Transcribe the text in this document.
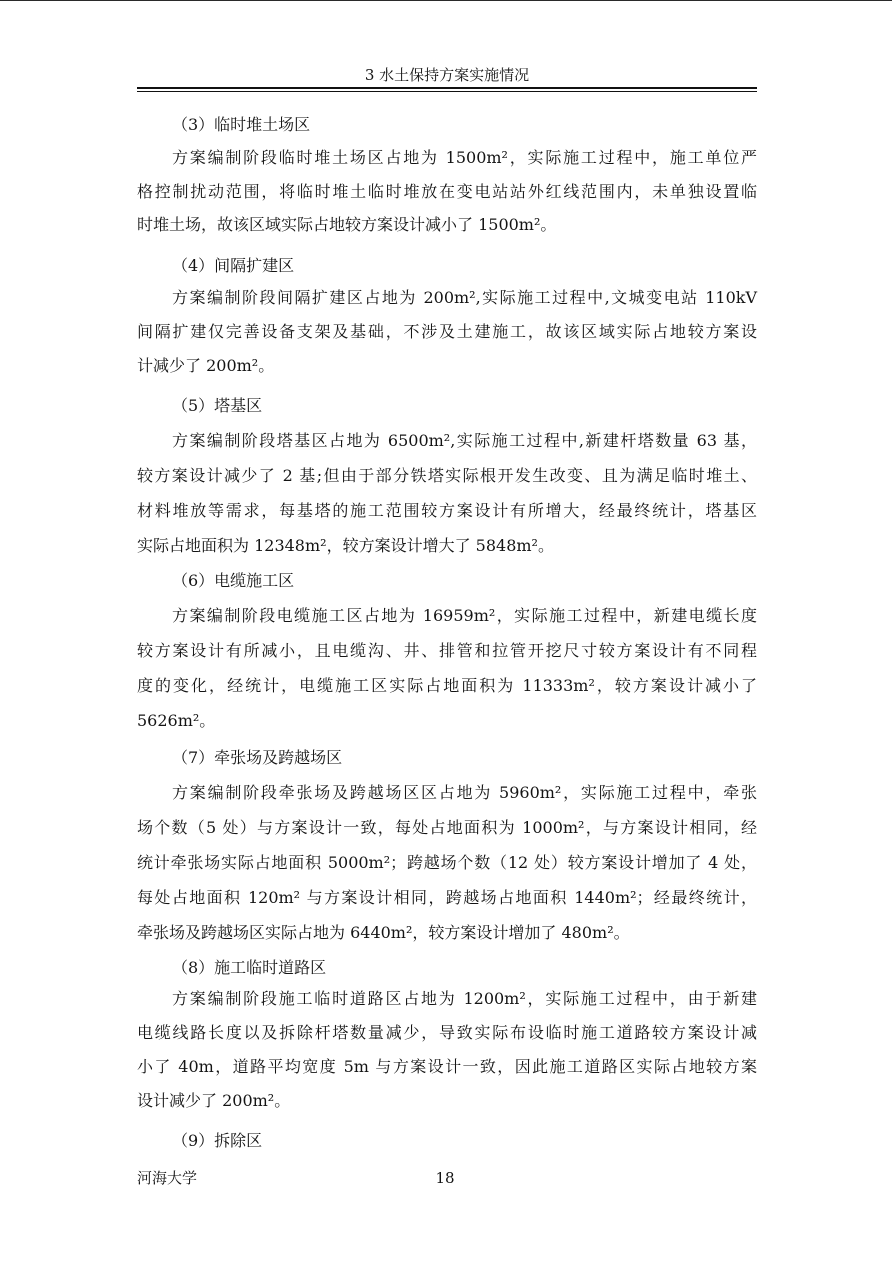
3 水土保持方案实施情况
（3）临时堆土场区
方案编制阶段临时堆土场区占地为 1500m²，实际施工过程中，施工单位严
格控制扰动范围，将临时堆土临时堆放在变电站站外红线范围内，未单独设置临
时堆土场，故该区域实际占地较方案设计减小了 1500m²。
（4）间隔扩建区
方案编制阶段间隔扩建区占地为 200m²,实际施工过程中,文城变电站 110kV
间隔扩建仅完善设备支架及基础，不涉及土建施工，故该区域实际占地较方案设
计减少了 200m²。
（5）塔基区
方案编制阶段塔基区占地为 6500m²,实际施工过程中,新建杆塔数量 63 基，
较方案设计减少了 2 基;但由于部分铁塔实际根开发生改变、且为满足临时堆土、
材料堆放等需求，每基塔的施工范围较方案设计有所增大，经最终统计，塔基区
实际占地面积为 12348m²，较方案设计增大了 5848m²。
（6）电缆施工区
方案编制阶段电缆施工区占地为 16959m²，实际施工过程中，新建电缆长度
较方案设计有所减小，且电缆沟、井、排管和拉管开挖尺寸较方案设计有不同程
度的变化，经统计，电缆施工区实际占地面积为 11333m²，较方案设计减小了
5626m²。
（7）牵张场及跨越场区
方案编制阶段牵张场及跨越场区区占地为 5960m²，实际施工过程中，牵张
场个数（5 处）与方案设计一致，每处占地面积为 1000m²，与方案设计相同，经
统计牵张场实际占地面积 5000m²；跨越场个数（12 处）较方案设计增加了 4 处，
每处占地面积 120m² 与方案设计相同，跨越场占地面积 1440m²；经最终统计，
牵张场及跨越场区实际占地为 6440m²，较方案设计增加了 480m²。
（8）施工临时道路区
方案编制阶段施工临时道路区占地为 1200m²，实际施工过程中，由于新建
电缆线路长度以及拆除杆塔数量减少，导致实际布设临时施工道路较方案设计减
小了 40m，道路平均宽度 5m 与方案设计一致，因此施工道路区实际占地较方案
设计减少了 200m²。
（9）拆除区
河海大学	18
